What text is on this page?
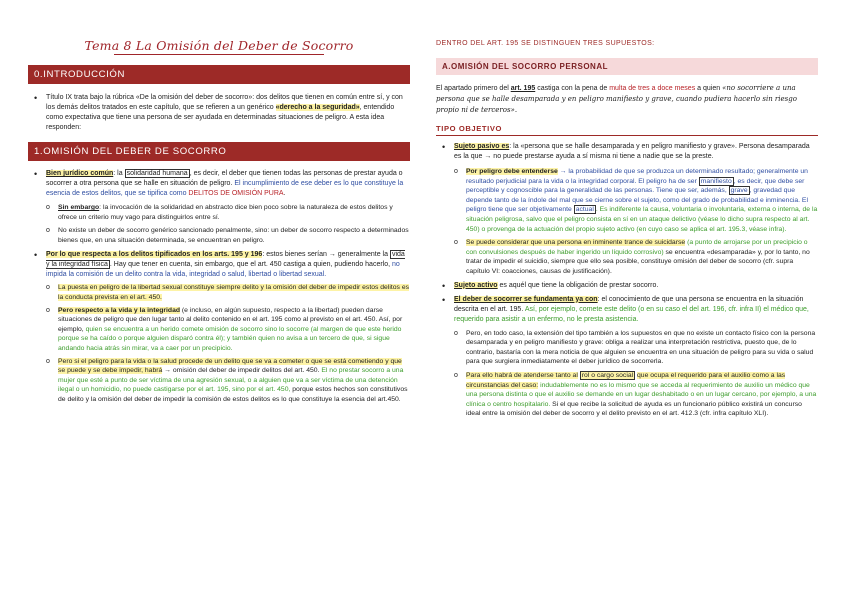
Tema 8 La Omisión del Deber de Socorro
0.INTRODUCCIÓN
• Título IX trata bajo la rúbrica «De la omisión del deber de socorro»: dos delitos que tienen en común entre sí, y con los demás delitos tratados en este capítulo, que se refieren a un genérico «derecho a la seguridad», entendido como expectativa que tiene una persona de ser ayudada en determinadas situaciones de peligro. A esta idea responden:
1.OMISIÓN DEL DEBER DE SOCORRO
• Bien jurídico común: la solidaridad humana , es decir, el deber que tienen todas las personas de prestar ayuda o socorrer a otra persona que se halle en situación de peligro. El incumplimiento de ese deber es lo que constituye la esencia de estos delitos, que se tipifica como DELITOS DE OMISIÓN PURA.
o Sin embargo: la invocación de la solidaridad en abstracto dice bien poco sobre la naturaleza de estos delitos y ofrece un criterio muy vago para distinguirlos entre sí.
o No existe un deber de socorro genérico sancionado penalmente, sino: un deber de socorro respecto a determinados bienes que, en una situación determinada, se encuentran en peligro.
• Por lo que respecta a los delitos tipificados en los arts. 195 y 196: estos bienes serían → generalmente la vida y la integridad física . Hay que tener en cuenta, sin embargo, que el art. 450 castiga a quien, pudiendo hacerlo, no impida la comisión de un delito contra la vida, integridad o salud, libertad o libertad sexual.
o La puesta en peligro de la libertad sexual constituye siempre delito y la omisión del deber de impedir estos delitos es la conducta prevista en el art. 450.
o Pero respecto a la vida y la integridad (e incluso, en algún supuesto, respecto a la libertad) pueden darse situaciones de peligro que den lugar tanto al delito contenido en el art. 195 como al previsto en el art. 450. Así, por ejemplo, quien se encuentra a un herido comete omisión de socorro sino lo socorre (al margen de que este herido porque se ha caído o porque alguien disparó contra él); y también quien no avisa a un tercero de que, si sigue andando hacia atrás sin mirar, va a caer por un precipicio.
o Pero si el peligro para la vida o la salud procede de un delito que se va a cometer o que se está cometiendo y que se puede y se debe impedir, habrá → omisión del deber de impedir delitos del art. 450. El no prestar socorro a una mujer que esté a punto de ser víctima de una agresión sexual, o a alguien que va a ser víctima de una detención ilegal o un homicidio, no puede castigarse por el art. 195, sino por el art. 450, porque estos hechos son constitutivos de delito y la omisión del deber de impedir la comisión de estos delitos es lo que constituye la esencia del art.450.
DENTRO DEL ART. 195 SE DISTINGUEN TRES SUPUESTOS:
A.OMISIÓN DEL SOCORRO PERSONAL

El apartado primero del art. 195 castiga con la pena de multa de tres a doce meses a quien «no socorriere a una persona que se halle desamparada y en peligro manifiesto y grave, cuando pudiera hacerlo sin riesgo propio ni de terceros».

TIPO OBJETIVO
• Sujeto pasivo es: la «persona que se halle desamparada y en peligro manifiesto y grave». Persona desamparada es la que → no puede prestarse ayuda a sí misma ni tiene a nadie que se la preste.
o Por peligro debe entenderse → la probabilidad de que se produzca un determinado resultado; generalmente un resultado perjudicial para la vida o la integridad corporal. El peligro ha de ser manifiesto , es decir, que debe ser perceptible y cognoscible para la generalidad de las personas. Tiene que ser, además, grave , gravedad que depende tanto de la índole del mal que se cierne sobre el sujeto, como del grado de probabilidad e inminencia. El peligro tiene que ser objetivamente actual . Es indiferente la causa, voluntaria o involuntaria, externa o interna, de la situación peligrosa, salvo que el peligro consista en sí en un ataque delictivo (véase lo dicho supra respecto al art. 450) o provenga de la actuación del propio sujeto activo (en cuyo caso se aplica el art. 195.3, véase infra).
o Se puede considerar que una persona en inminente trance de suicidarse (a punto de arrojarse por un precipicio o con convulsiones después de haber ingerido un líquido corrosivo) se encuentra «desamparada» y, por lo tanto, no tratar de impedir el suicidio, siempre que ello sea posible, constituye omisión del deber de socorro (cfr. supra capítulo VI: coacciones, causas de justificación).
• Sujeto activo es aquél que tiene la obligación de prestar socorro.
• El deber de socorrer se fundamenta ya con: el conocimiento de que una persona se encuentra en la situación descrita en el art. 195. Así, por ejemplo, comete este delito (o en su caso el del art. 196, cfr. infra II) el médico que, requerido para asistir a un enfermo, no le presta asistencia.
o Pero, en todo caso, la extensión del tipo también a los supuestos en que no existe un contacto físico con la persona desamparada y en peligro manifiesto y grave: obliga a realizar una interpretación restrictiva, puesto que, de lo contrario, bastaría con la mera noticia de que alguien se encuentra en una situación de peligro para su vida o salud para que surgiera inmediatamente el deber jurídico de socorrerla.
o Para ello habrá de atenderse tanto al rol o cargo social que ocupa el requerido para el auxilio como a las circunstancias del caso: indudablemente no es lo mismo que se acceda al requerimiento de auxilio un médico que una persona distinta o que el auxilio se demande en un lugar deshabitado o en un lugar cercano, por ejemplo, a una clínica o centro hospitalario. Si el que recibe la solicitud de ayuda es un funcionario público existirá un concurso ideal entre la omisión del deber de socorro y el delito previsto en el art. 412.3 (cfr. infra capítulo XLI).
